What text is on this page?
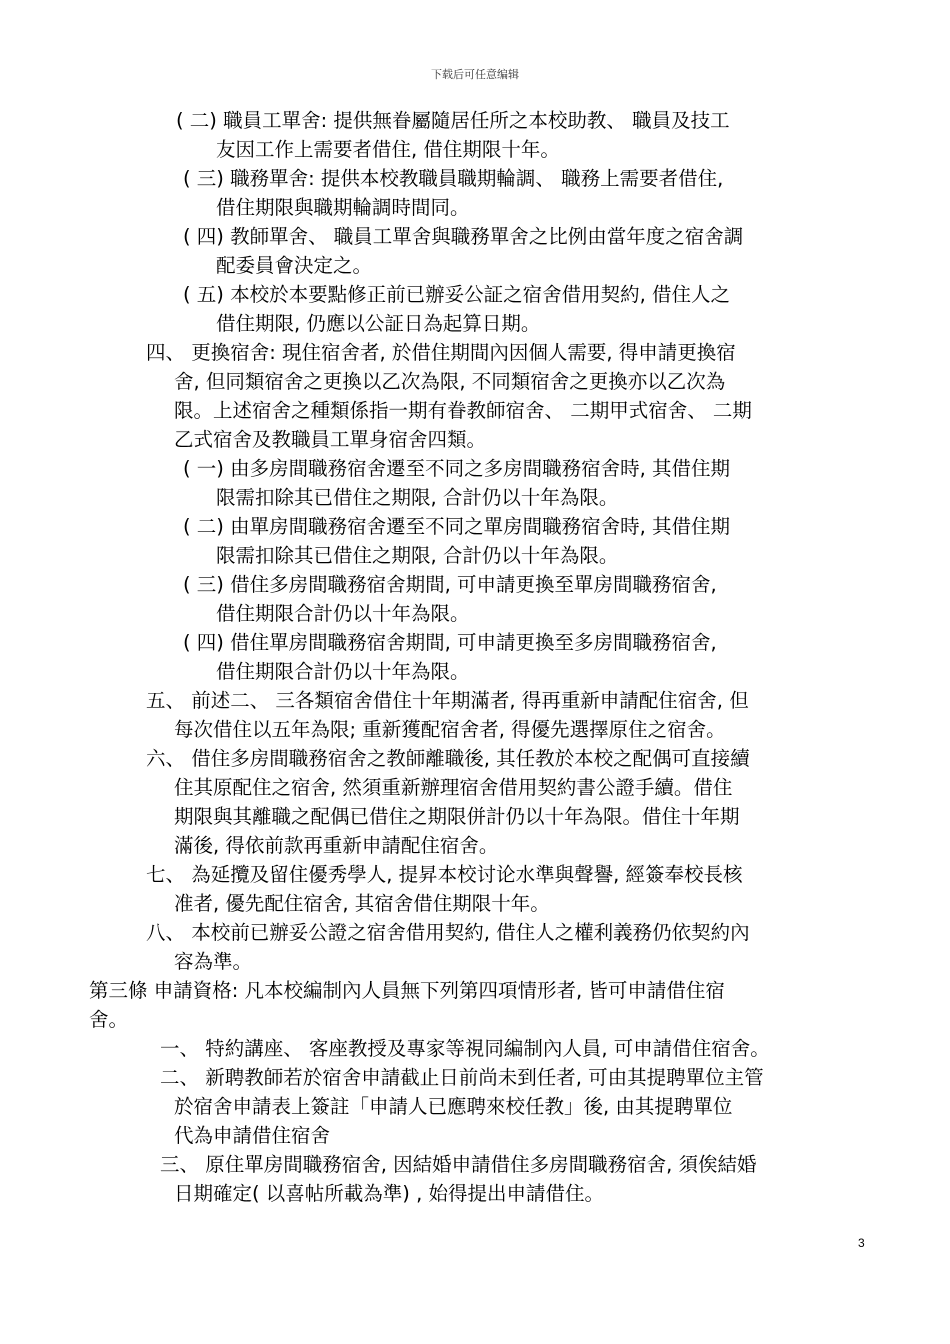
下载后可任意编辑
( 二) 職員工單舍: 提供無眷屬隨居任所之本校助教、 職員及技工
友因工作上需要者借住, 借住期限十年。
( 三) 職務單舍: 提供本校教職員職期輪調、 職務上需要者借住,
借住期限與職期輪調時間同。
( 四) 教師單舍、 職員工單舍與職務單舍之比例由當年度之宿舍調
配委員會決定之。
( 五) 本校於本要點修正前已辦妥公証之宿舍借用契約, 借住人之
借住期限, 仍應以公証日為起算日期。
四、 更換宿舍: 現住宿舍者, 於借住期間內因個人需要, 得申請更換宿
舍, 但同類宿舍之更換以乙次為限, 不同類宿舍之更換亦以乙次為
限。上述宿舍之種類係指一期有眷教師宿舍、 二期甲式宿舍、 二期
乙式宿舍及教職員工單身宿舍四類。
( 一) 由多房間職務宿舍遷至不同之多房間職務宿舍時, 其借住期
限需扣除其已借住之期限, 合計仍以十年為限。
( 二) 由單房間職務宿舍遷至不同之單房間職務宿舍時, 其借住期
限需扣除其已借住之期限, 合計仍以十年為限。
( 三) 借住多房間職務宿舍期間, 可申請更換至單房間職務宿舍,
借住期限合計仍以十年為限。
( 四) 借住單房間職務宿舍期間, 可申請更換至多房間職務宿舍,
借住期限合計仍以十年為限。
五、 前述二、 三各類宿舍借住十年期滿者, 得再重新申請配住宿舍, 但
每次借住以五年為限; 重新獲配宿舍者, 得優先選擇原住之宿舍。
六、 借住多房間職務宿舍之教師離職後, 其任教於本校之配偶可直接續
住其原配住之宿舍, 然須重新辦理宿舍借用契約書公證手續。借住
期限與其離職之配偶已借住之期限併計仍以十年為限。借住十年期
滿後, 得依前款再重新申請配住宿舍。
七、 為延攬及留住優秀學人, 提昇本校讨论水準與聲譽, 經簽奉校長核
准者, 優先配住宿舍, 其宿舍借住期限十年。
八、 本校前已辦妥公證之宿舍借用契約, 借住人之權利義務仍依契約內
容為準。
第三條 申請資格: 凡本校編制內人員無下列第四項情形者, 皆可申請借住宿
舍。
一、 特約講座、 客座教授及專家等視同編制內人員, 可申請借住宿舍。
二、 新聘教師若於宿舍申請截止日前尚未到任者, 可由其提聘單位主管
於宿舍申請表上簽註「申請人已應聘來校任教」後, 由其提聘單位
代為申請借住宿舍
三、 原住單房間職務宿舍, 因結婚申請借住多房間職務宿舍, 須俟結婚
日期確定( 以喜帖所載為準) , 始得提出申請借住。
3
